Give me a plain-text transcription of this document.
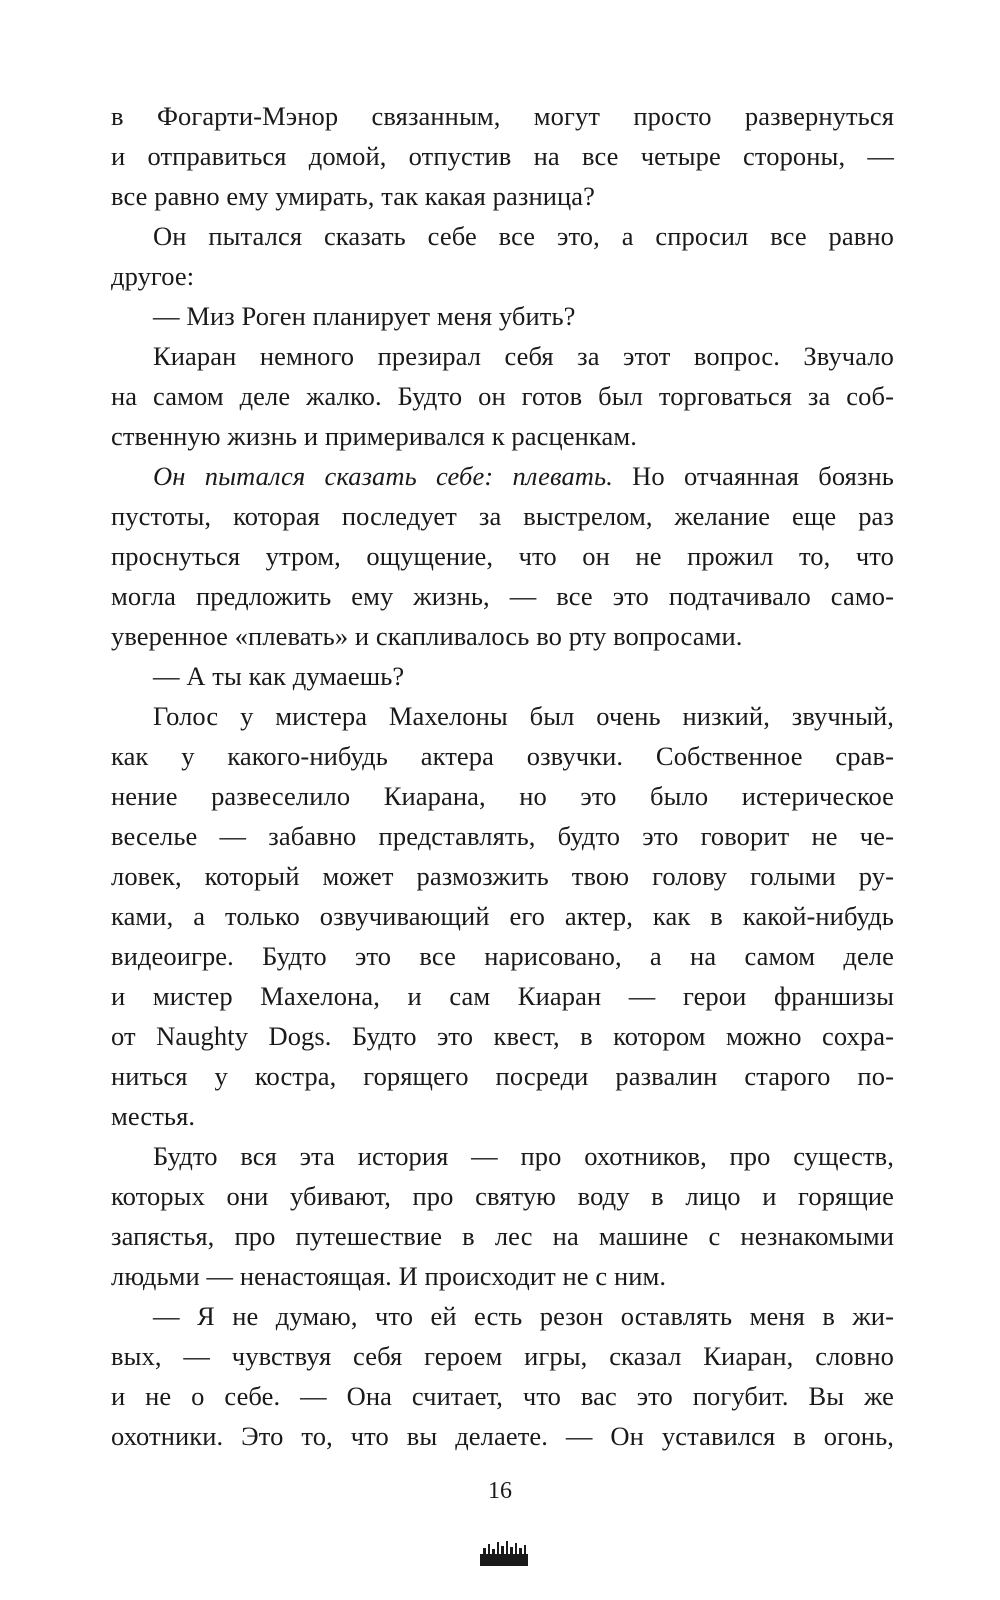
в Фогарти-Мэнор связанным, могут просто развернуться
и отправиться домой, отпустив на все четыре стороны, —
все равно ему умирать, так какая разница?
Он пытался сказать себе все это, а спросил все равно
другое:
— Миз Роген планирует меня убить?
Киаран немного презирал себя за этот вопрос. Звучало
на самом деле жалко. Будто он готов был торговаться за соб-
ственную жизнь и примеривался к расценкам.
Он пытался сказать себе: плевать. Но отчаянная боязнь
пустоты, которая последует за выстрелом, желание еще раз
проснуться утром, ощущение, что он не прожил то, что
могла предложить ему жизнь, — все это подтачивало само-
уверенное «плевать» и скапливалось во рту вопросами.
— А ты как думаешь?
Голос у мистера Махелоны был очень низкий, звучный,
как у какого-нибудь актера озвучки. Собственное срав-
нение развеселило Киарана, но это было истерическое
веселье — забавно представлять, будто это говорит не че-
ловек, который может размозжить твою голову голыми ру-
ками, а только озвучивающий его актер, как в какой-нибудь
видеоигре. Будто это все нарисовано, а на самом деле
и мистер Махелона, и сам Киаран — герои франшизы
от Naughty Dogs. Будто это квест, в котором можно сохра-
ниться у костра, горящего посреди развалин старого по-
местья.
Будто вся эта история — про охотников, про существ,
которых они убивают, про святую воду в лицо и горящие
запястья, про путешествие в лес на машине с незнакомыми
людьми — ненастоящая. И происходит не с ним.
— Я не думаю, что ей есть резон оставлять меня в жи-
вых, — чувствуя себя героем игры, сказал Киаран, словно
и не о себе. — Она считает, что вас это погубит. Вы же
охотники. Это то, что вы делаете. — Он уставился в огонь,
16
